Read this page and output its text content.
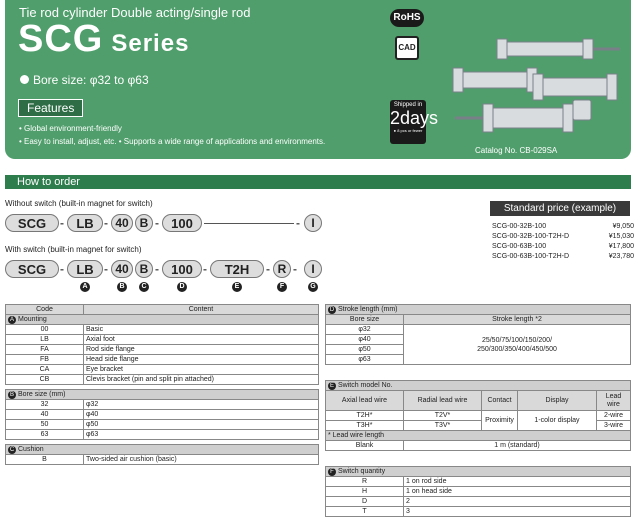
Tie rod cylinder Double acting/single rod
SCG Series
Bore size: φ32 to φ63
Features
• Global environment-friendly
• Easy to install, adjust, etc. • Supports a wide range of applications and environments.
RoHS
CAD
Shipped in
2days
● 8 pcs or fewer
Catalog No. CB-029SA
How to order
Without switch (built-in magnet for switch)
SCG	- LB - 40 B - 100	- I
With switch (built-in magnet for switch)
SCG	- LB - 40 B - 100 -	T2H	- R -	I
A	B	C	D	E	F	G
Standard price (example)
SCG-00-32B-100	¥9,050
SCG-00-32B-100-T2H-D	¥15,030
SCG-00-63B-100	¥17,800
SCG-00-63B-100-T2H-D	¥23,780
Code	Content
A Mounting	
00	Basic
LB	Axial foot
FA	Rod side flange
FB	Head side flange
CA	Eye bracket
CB	Clevis bracket (pin and split pin attached)

B Bore size (mm)	
32	φ32
40	φ40
50	φ50
63	φ63

C Cushion	
B	Two-sided air cushion (basic)
D Stroke length (mm)	
Bore size	Stroke length *2
φ32	25/50/75/100/150/200/
250/300/350/400/450/500

φ40	
φ50	
φ63	
E Switch model No.				
Axial lead wire	Radial lead wire	Contact	Display	Lead wire
T2H*	T2V*	Proximity	1-color display	2-wire
T3H*	T3V*			3-wire
* Lead wire length				
Blank	1 m (standard)			
F Switch quantity	
R	1 on rod side
H	1 on head side
D	2
T	3
